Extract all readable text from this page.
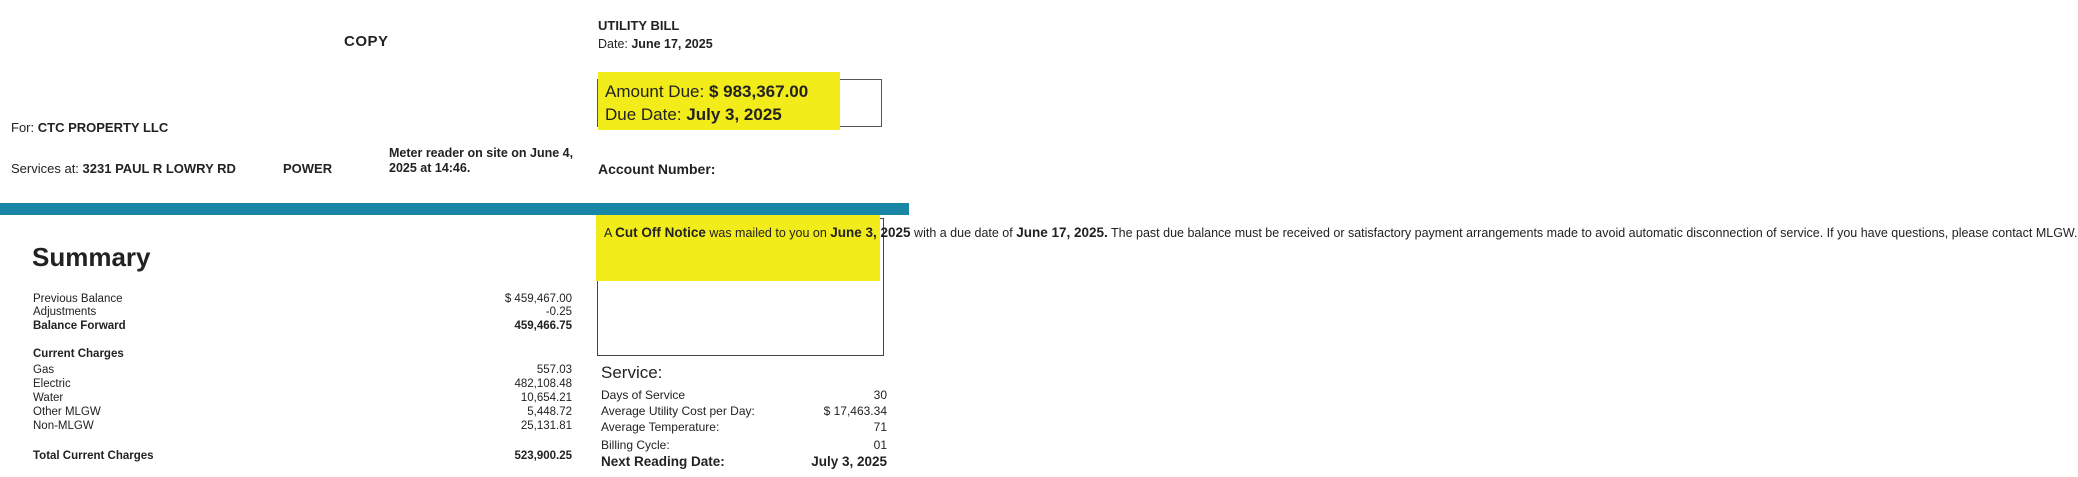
COPY
UTILITY BILL
Date: June 17, 2025
Amount Due: $ 983,367.00
Due Date: July 3, 2025
For: CTC PROPERTY LLC
Services at: 3231 PAUL R LOWRY RD	POWER
Meter reader on site on June 4, 2025 at 14:46.	Account Number:
A Cut Off Notice was mailed to you on June 3, 2025 with a due date of June 17, 2025. The past due balance must be received or satisfactory payment arrangements made to avoid automatic disconnection of service. If you have questions, please contact MLGW.
Summary
Previous Balance	$ 459,467.00
Adjustments	-0.25
Balance Forward	459,466.75
Current Charges
Gas	557.03
Electric	482,108.48
Water	10,654.21
Other MLGW	5,448.72
Non-MLGW	25,131.81
Total Current Charges	523,900.25
Service:
Days of Service	30
Average Utility Cost per Day:	$ 17,463.34
Average Temperature:	71
Billing Cycle:	01
Next Reading Date:	July 3, 2025
